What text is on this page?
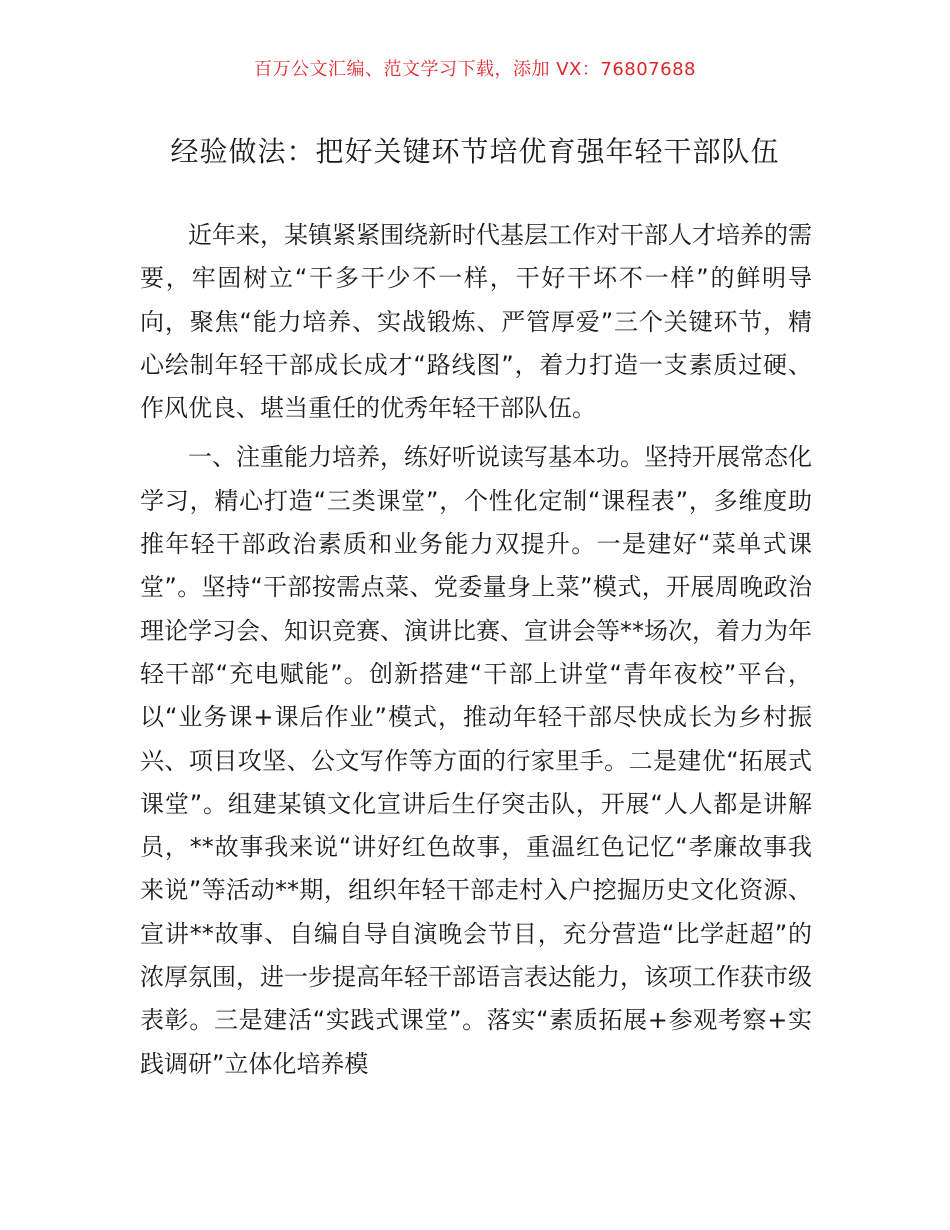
百万公文汇编、范文学习下载，添加 VX：76807688
经验做法：把好关键环节培优育强年轻干部队伍

近年来，某镇紧紧围绕新时代基层工作对干部人才培养的需要，牢固树立“干多干少不一样，干好干坏不一样”的鲜明导向，聚焦“能力培养、实战锻炼、严管厚爱”三个关键环节，精心绘制年轻干部成长成才“路线图”，着力打造一支素质过硬、作风优良、堪当重任的优秀年轻干部队伍。

一、注重能力培养，练好听说读写基本功。坚持开展常态化学习，精心打造“三类课堂”，个性化定制“课程表”，多维度助推年轻干部政治素质和业务能力双提升。一是建好“菜单式课堂”。坚持“干部按需点菜、党委量身上菜”模式，开展周晚政治理论学习会、知识竞赛、演讲比赛、宣讲会等**场次，着力为年轻干部“充电赋能”。创新搭建“干部上讲堂“青年夜校”平台，以“业务课+课后作业”模式，推动年轻干部尽快成长为乡村振兴、项目攻坚、公文写作等方面的行家里手。二是建优“拓展式课堂”。组建某镇文化宣讲后生仔突击队，开展“人人都是讲解员，**故事我来说“讲好红色故事，重温红色记忆“孝廉故事我来说”等活动**期，组织年轻干部走村入户挖掘历史文化资源、宣讲**故事、自编自导自演晚会节目，充分营造“比学赶超”的浓厚氛围，进一步提高年轻干部语言表达能力，该项工作获市级表彰。三是建活“实践式课堂”。落实“素质拓展+参观考察+实践调研”立体化培养模
